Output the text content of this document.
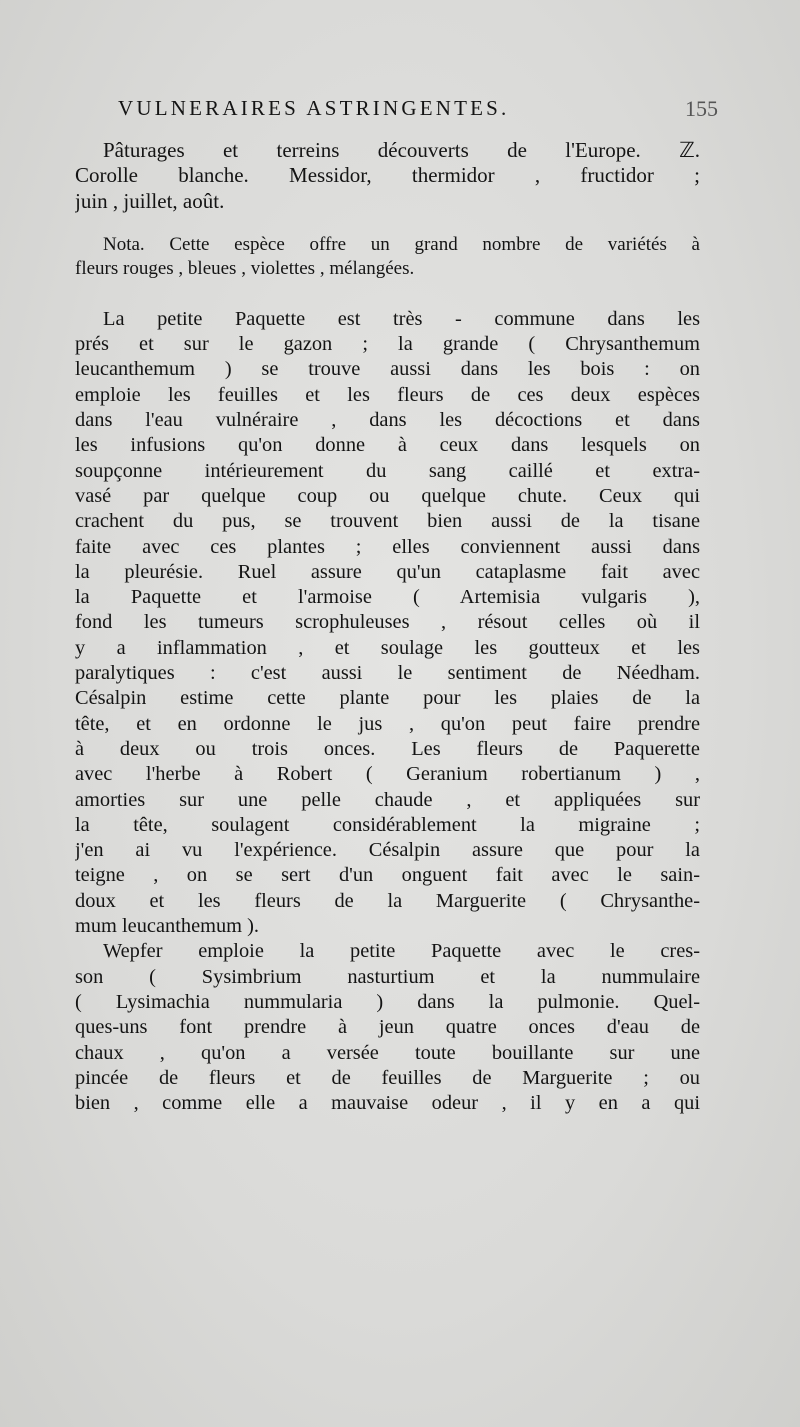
VULNERAIRES ASTRINGENTES.	155
Pâturages et terreins découverts de l'Europe. ℤ.
Corolle blanche. Messidor, thermidor , fructidor ;
juin , juillet, août.
Nota. Cette espèce offre un grand nombre de variétés à
fleurs rouges , bleues , violettes , mélangées.
La petite Paquette est très - commune dans les
prés et sur le gazon ; la grande ( Chrysanthemum
leucanthemum ) se trouve aussi dans les bois : on
emploie les feuilles et les fleurs de ces deux espèces
dans l'eau vulnéraire , dans les décoctions et dans
les infusions qu'on donne à ceux dans lesquels on
soupçonne intérieurement du sang caillé et extra-
vasé par quelque coup ou quelque chute. Ceux qui
crachent du pus, se trouvent bien aussi de la tisane
faite avec ces plantes ; elles conviennent aussi dans
la pleurésie. Ruel assure qu'un cataplasme fait avec
la Paquette et l'armoise ( Artemisia vulgaris ),
fond les tumeurs scrophuleuses , résout celles où il
y a inflammation , et soulage les goutteux et les
paralytiques : c'est aussi le sentiment de Néedham.
Césalpin estime cette plante pour les plaies de la
tête, et en ordonne le jus , qu'on peut faire prendre
à deux ou trois onces. Les fleurs de Paquerette
avec l'herbe à Robert ( Geranium robertianum ) ,
amorties sur une pelle chaude , et appliquées sur
la tête, soulagent considérablement la migraine ;
j'en ai vu l'expérience. Césalpin assure que pour la
teigne , on se sert d'un onguent fait avec le sain-
doux et les fleurs de la Marguerite ( Chrysanthe-
mum leucanthemum ).
Wepfer emploie la petite Paquette avec le cres-
son ( Sysimbrium nasturtium et la nummulaire
( Lysimachia nummularia ) dans la pulmonie. Quel-
ques-uns font prendre à jeun quatre onces d'eau de
chaux , qu'on a versée toute bouillante sur une
pincée de fleurs et de feuilles de Marguerite ; ou
bien , comme elle a mauvaise odeur , il y en a qui
